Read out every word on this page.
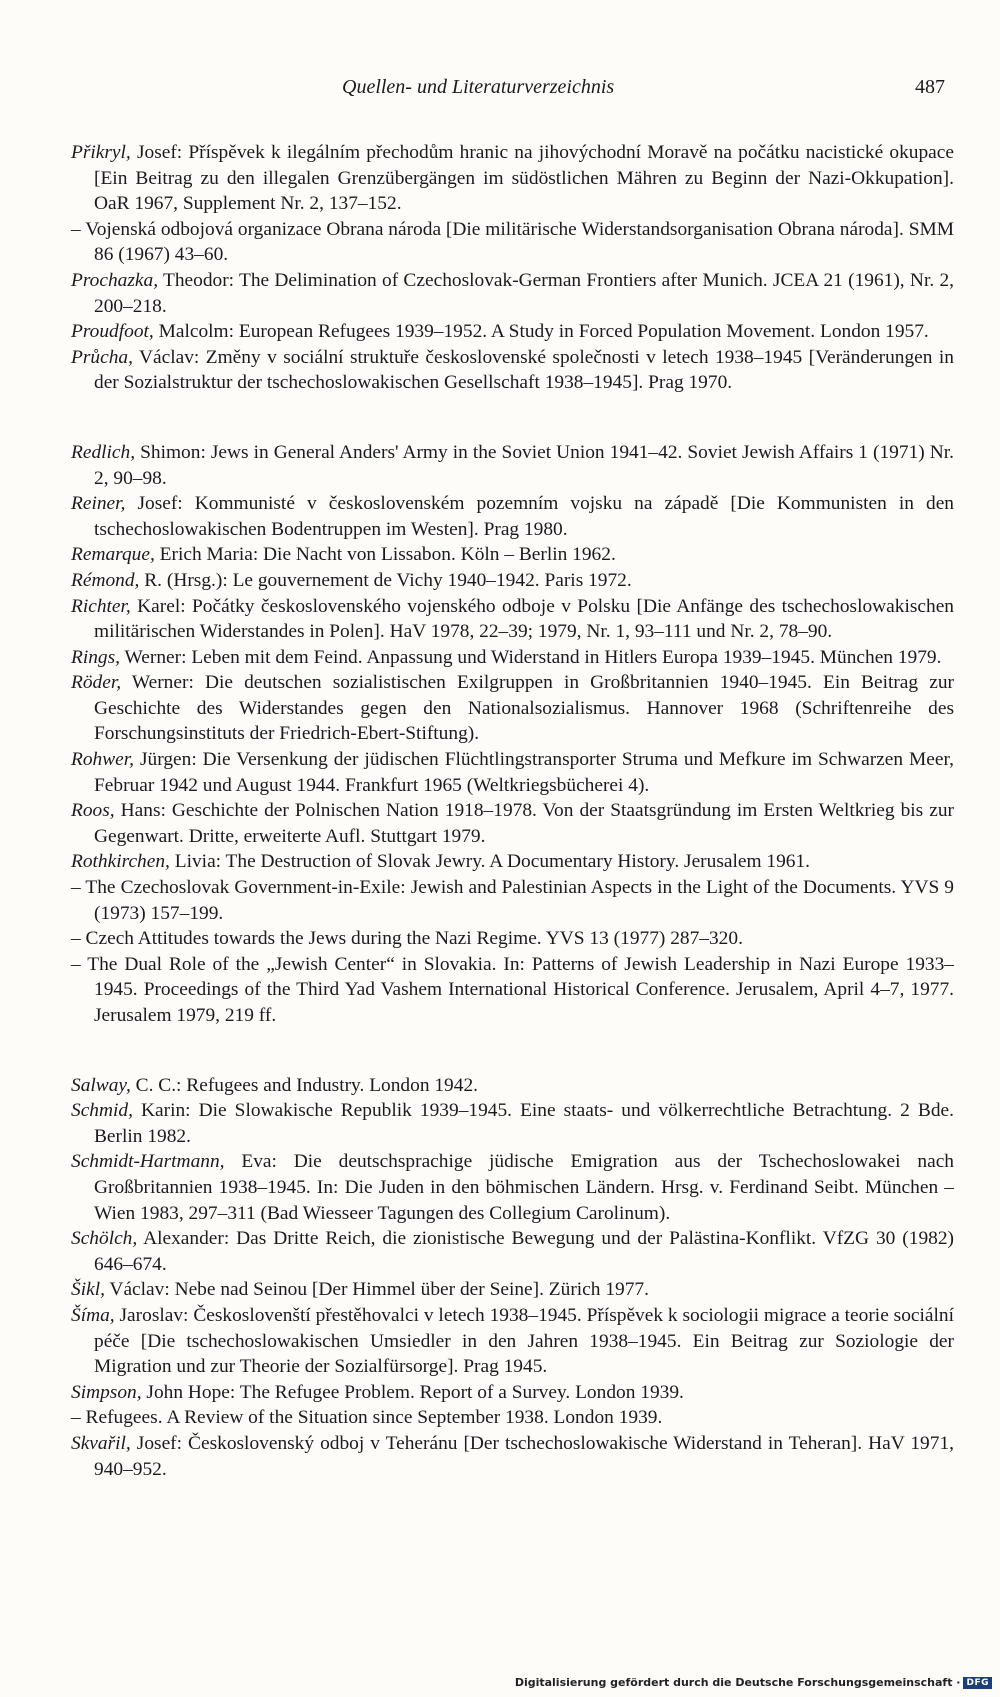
Quellen- und Literaturverzeichnis	487

Přikryl, Josef: Příspěvek k ilegálním přechodům hranic na jihovýchodní Moravě na počátku nacistické okupace [Ein Beitrag zu den illegalen Grenzübergängen im südöstlichen Mähren zu Beginn der Nazi-Okkupation]. OaR 1967, Supplement Nr. 2, 137–152.

– Vojenská odbojová organizace Obrana národa [Die militärische Widerstandsorganisation Obrana národa]. SMM 86 (1967) 43–60.

Prochazka, Theodor: The Delimination of Czechoslovak-German Frontiers after Munich. JCEA 21 (1961), Nr. 2, 200–218.

Proudfoot, Malcolm: European Refugees 1939–1952. A Study in Forced Population Movement. London 1957.

Průcha, Václav: Změny v sociální struktuře československé společnosti v letech 1938–1945 [Veränderungen in der Sozialstruktur der tschechoslowakischen Gesellschaft 1938–1945]. Prag 1970.

Redlich, Shimon: Jews in General Anders' Army in the Soviet Union 1941–42. Soviet Jewish Affairs 1 (1971) Nr. 2, 90–98.

Reiner, Josef: Kommunisté v československém pozemním vojsku na západě [Die Kommunisten in den tschechoslowakischen Bodentruppen im Westen]. Prag 1980.

Remarque, Erich Maria: Die Nacht von Lissabon. Köln – Berlin 1962.

Rémond, R. (Hrsg.): Le gouvernement de Vichy 1940–1942. Paris 1972.

Richter, Karel: Počátky československého vojenského odboje v Polsku [Die Anfänge des tschechoslowakischen militärischen Widerstandes in Polen]. HaV 1978, 22–39; 1979, Nr. 1, 93–111 und Nr. 2, 78–90.

Rings, Werner: Leben mit dem Feind. Anpassung und Widerstand in Hitlers Europa 1939–1945. München 1979.

Röder, Werner: Die deutschen sozialistischen Exilgruppen in Großbritannien 1940–1945. Ein Beitrag zur Geschichte des Widerstandes gegen den Nationalsozialismus. Hannover 1968 (Schriftenreihe des Forschungsinstituts der Friedrich-Ebert-Stiftung).

Rohwer, Jürgen: Die Versenkung der jüdischen Flüchtlingstransporter Struma und Mefkure im Schwarzen Meer, Februar 1942 und August 1944. Frankfurt 1965 (Weltkriegsbücherei 4).

Roos, Hans: Geschichte der Polnischen Nation 1918–1978. Von der Staatsgründung im Ersten Weltkrieg bis zur Gegenwart. Dritte, erweiterte Aufl. Stuttgart 1979.

Rothkirchen, Livia: The Destruction of Slovak Jewry. A Documentary History. Jerusalem 1961.

– The Czechoslovak Government-in-Exile: Jewish and Palestinian Aspects in the Light of the Documents. YVS 9 (1973) 157–199.

– Czech Attitudes towards the Jews during the Nazi Regime. YVS 13 (1977) 287–320.

– The Dual Role of the „Jewish Center“ in Slovakia. In: Patterns of Jewish Leadership in Nazi Europe 1933–1945. Proceedings of the Third Yad Vashem International Historical Conference. Jerusalem, April 4–7, 1977. Jerusalem 1979, 219 ff.

Salway, C. C.: Refugees and Industry. London 1942.

Schmid, Karin: Die Slowakische Republik 1939–1945. Eine staats- und völkerrechtliche Betrachtung. 2 Bde. Berlin 1982.

Schmidt-Hartmann, Eva: Die deutschsprachige jüdische Emigration aus der Tschechoslowakei nach Großbritannien 1938–1945. In: Die Juden in den böhmischen Ländern. Hrsg. v. Ferdinand Seibt. München – Wien 1983, 297–311 (Bad Wiesseer Tagungen des Collegium Carolinum).

Schölch, Alexander: Das Dritte Reich, die zionistische Bewegung und der Palästina-Konflikt. VfZG 30 (1982) 646–674.

Šikl, Václav: Nebe nad Seinou [Der Himmel über der Seine]. Zürich 1977.

Šíma, Jaroslav: Českoslovenští přestěhovalci v letech 1938–1945. Příspěvek k sociologii migrace a teorie sociální péče [Die tschechoslowakischen Umsiedler in den Jahren 1938–1945. Ein Beitrag zur Soziologie der Migration und zur Theorie der Sozialfürsorge]. Prag 1945.

Simpson, John Hope: The Refugee Problem. Report of a Survey. London 1939.

– Refugees. A Review of the Situation since September 1938. London 1939.

Skvařil, Josef: Československý odboj v Teheránu [Der tschechoslowakische Widerstand in Teheran]. HaV 1971, 940–952.

Digitalisierung gefördert durch die Deutsche Forschungsgemeinschaft · DFG
